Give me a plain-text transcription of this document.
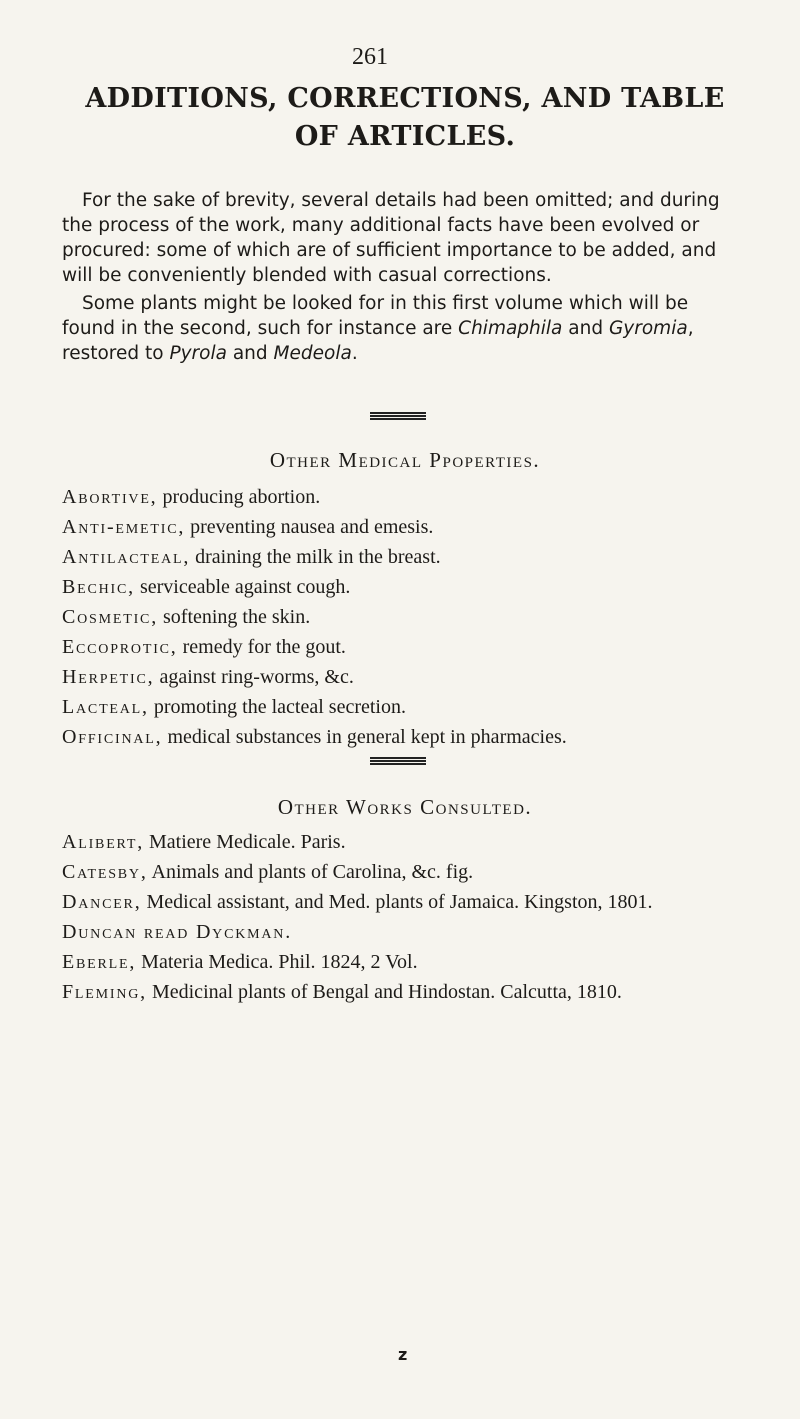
261
ADDITIONS, CORRECTIONS, AND TABLE
OF ARTICLES.

For the sake of brevity, several details had been omitted; and during the process of the work, many additional facts have been evolved or procured: some of which are of sufficient importance to be added, and will be conveniently blended with casual corrections.

Some plants might be looked for in this first volume which will be found in the second, such for instance are Chimaphila and Gyromia, restored to Pyrola and Medeola.

Other Medical Ppoperties.
Abortive, producing abortion.
Anti-emetic, preventing nausea and emesis.
Antilacteal, draining the milk in the breast.
Bechic, serviceable against cough.
Cosmetic, softening the skin.
Eccoprotic, remedy for the gout.
Herpetic, against ring-worms, &c.
Lacteal, promoting the lacteal secretion.
Officinal, medical substances in general kept in pharmacies.
Other Works Consulted.
Alibert, Matiere Medicale. Paris.
Catesby, Animals and plants of Carolina, &c. fig.
Dancer, Medical assistant, and Med. plants of Jamaica. Kingston, 1801.
Duncan read Dyckman.
Eberle, Materia Medica. Phil. 1824, 2 Vol.
Fleming, Medicinal plants of Bengal and Hindostan. Calcutta, 1810.
z
